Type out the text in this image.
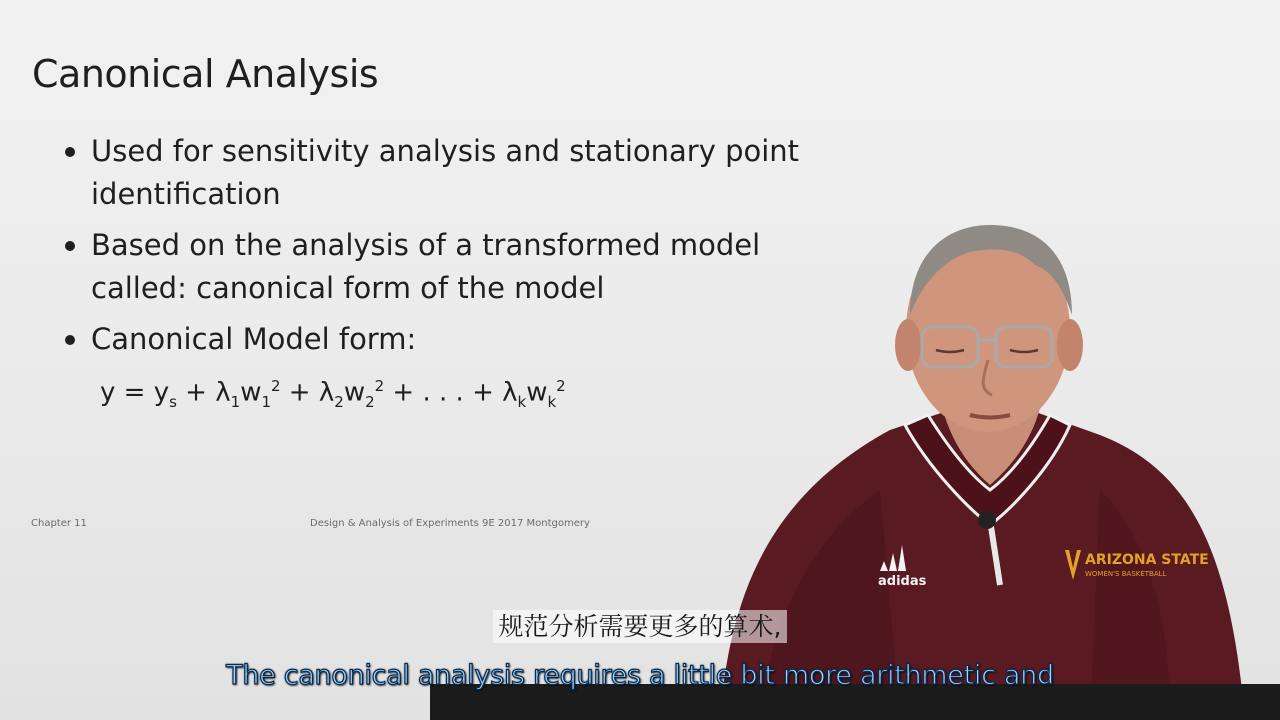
Canonical Analysis
Used for sensitivity analysis and stationary point identification
Based on the analysis of a transformed model called: canonical form of the model
Canonical Model form:
$y = y_s + \lambda_1w_1^2 + \lambda_2w_2^2$ + . . . + $\lambda_kw_k^2$
Chapter 11	Design & Analysis of Experiments 9E 2017 Montgomery
adidas
ARIZONA STATE
WOMEN'S BASKETBALL
规范分析需要更多的算术,
The canonical analysis requires a little bit more arithmetic and
